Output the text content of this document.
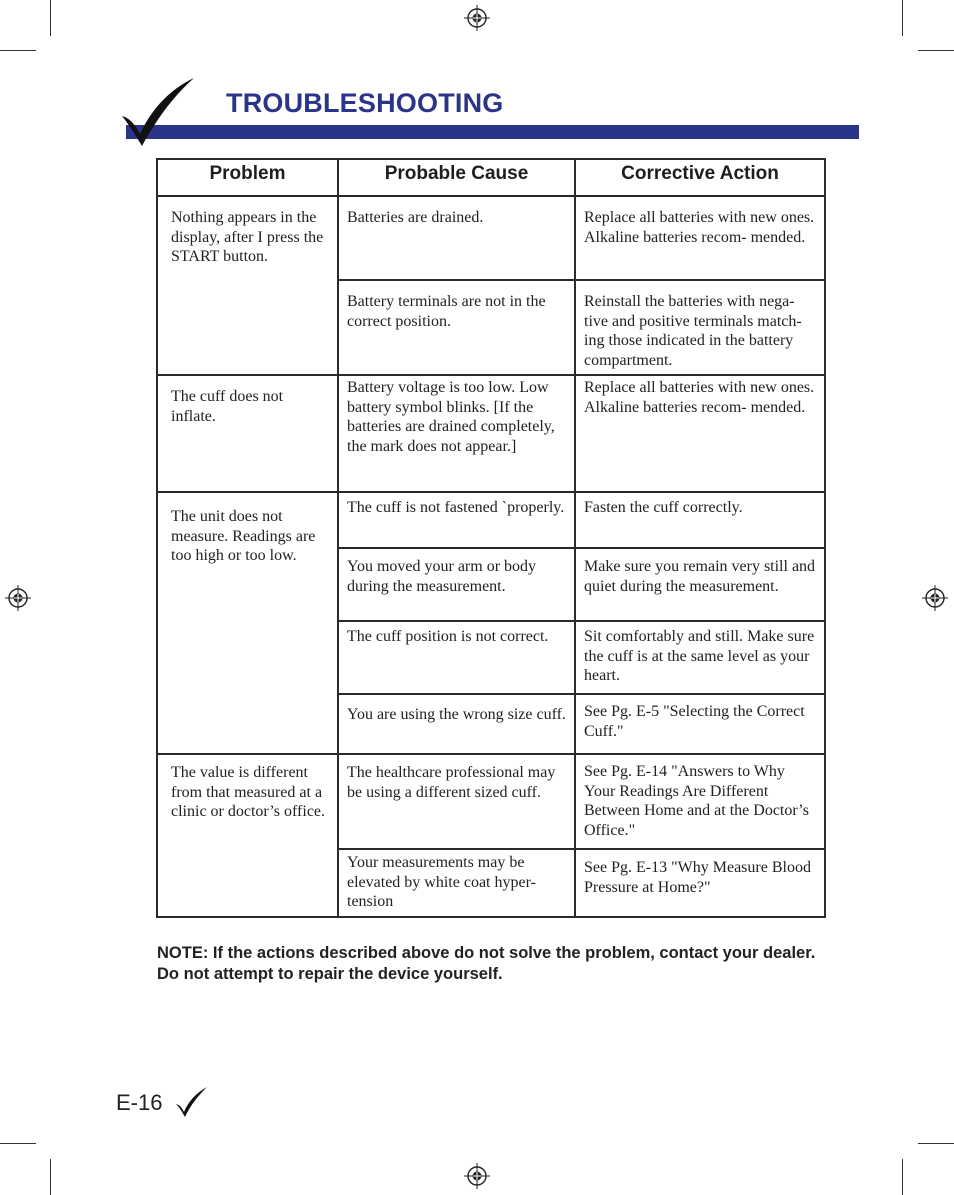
TROUBLESHOOTING
Problem	Probable Cause	Corrective Action

Nothing appears in the display, after I press the START button.	Batteries are drained.	Replace all batteries with new ones. Alkaline batteries recom- mended.

	Battery terminals are not in the correct position.	Reinstall the batteries with nega- tive and positive terminals match- ing those indicated in the battery compartment.

The cuff does not inflate.	Battery voltage is too low. Low battery symbol blinks. [If the batteries are drained completely, the mark does not appear.]	Replace all batteries with new ones. Alkaline batteries recom- mended.

The unit does not measure. Readings are too high or too low.	The cuff is not fastened `properly.	Fasten the cuff correctly.

	You moved your arm or body during the measurement.	Make sure you remain very still and quiet during the measurement.

	The cuff position is not correct.	Sit comfortably and still. Make sure the cuff is at the same level as your heart.

	You are using the wrong size cuff.	See Pg. E-5 "Selecting the Correct Cuff."

The value is different from that measured at a clinic or doctor’s office.	The healthcare professional may be using a different sized cuff.	See Pg. E-14 "Answers to Why Your Readings Are Different Between Home and at the Doctor’s Office."

	Your measurements may be elevated by white coat hyper- tension	See Pg. E-13 "Why Measure Blood Pressure at Home?"
NOTE: If the actions described above do not solve the problem, contact your dealer. Do not attempt to repair the device yourself.
E-16
